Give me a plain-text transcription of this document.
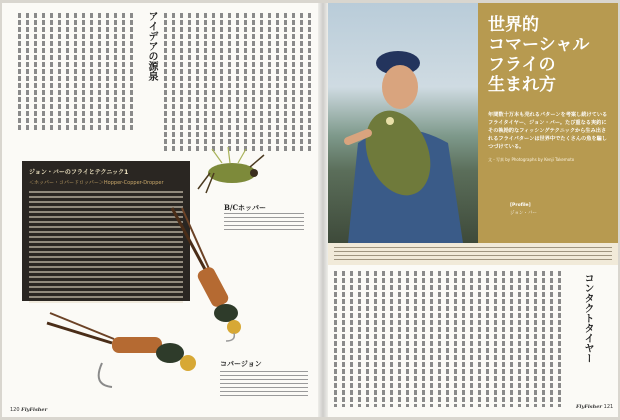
アイデアの源泉
ジョン・バーのフライとテクニック1
＜ホッパー・コパードロッパー＞Hopper-Copper-Dropper
B/Cホッパー
コパージョン
120 FlyFisher
世界的
コマーシャル
フライの
生まれ方
年間数十万本も売れるパターンを考案し続けているフライタイヤー、ジョン・バー。たび重なる実釣にその執拗的なフィッシングテクニックから生み出されるフライパターンは世界中でたくさんの魚を騙しつづけている。
文・写真 by Photographs by Kenji Takemoto
[Profile]
ジョン・バー
コンタクトタイヤー
FlyFisher 121
